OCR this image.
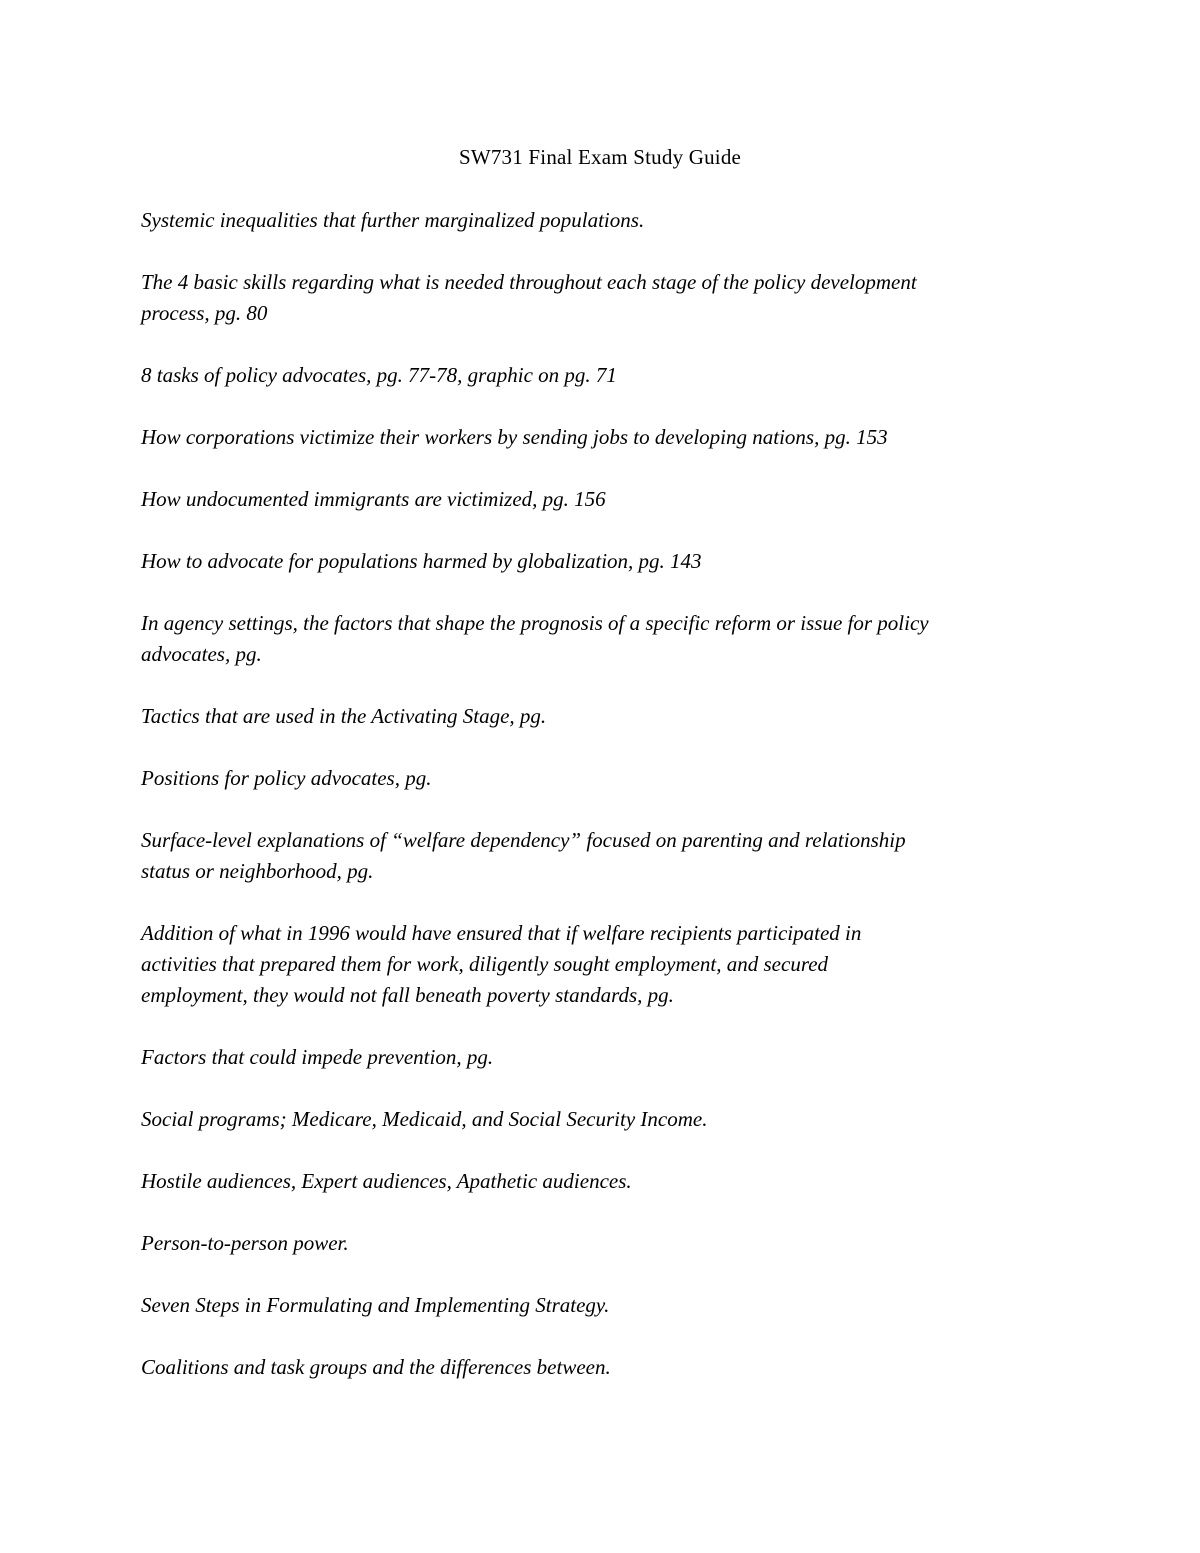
SW731 Final Exam Study Guide
Systemic inequalities that further marginalized populations.
The 4 basic skills regarding what is needed throughout each stage of the policy development
process, pg. 80
8 tasks of policy advocates, pg. 77-78, graphic on pg. 71
How corporations victimize their workers by sending jobs to developing nations, pg. 153
How undocumented immigrants are victimized, pg. 156
How to advocate for populations harmed by globalization, pg. 143
In agency settings, the factors that shape the prognosis of a specific reform or issue for policy
advocates, pg.
Tactics that are used in the Activating Stage, pg.
Positions for policy advocates, pg.
Surface-level explanations of “welfare dependency” focused on parenting and relationship
status or neighborhood, pg.
Addition of what in 1996 would have ensured that if welfare recipients participated in
activities that prepared them for work, diligently sought employment, and secured
employment, they would not fall beneath poverty standards, pg.
Factors that could impede prevention, pg.
Social programs; Medicare, Medicaid, and Social Security Income.
Hostile audiences, Expert audiences, Apathetic audiences.
Person-to-person power.
Seven Steps in Formulating and Implementing Strategy.
Coalitions and task groups and the differences between.
